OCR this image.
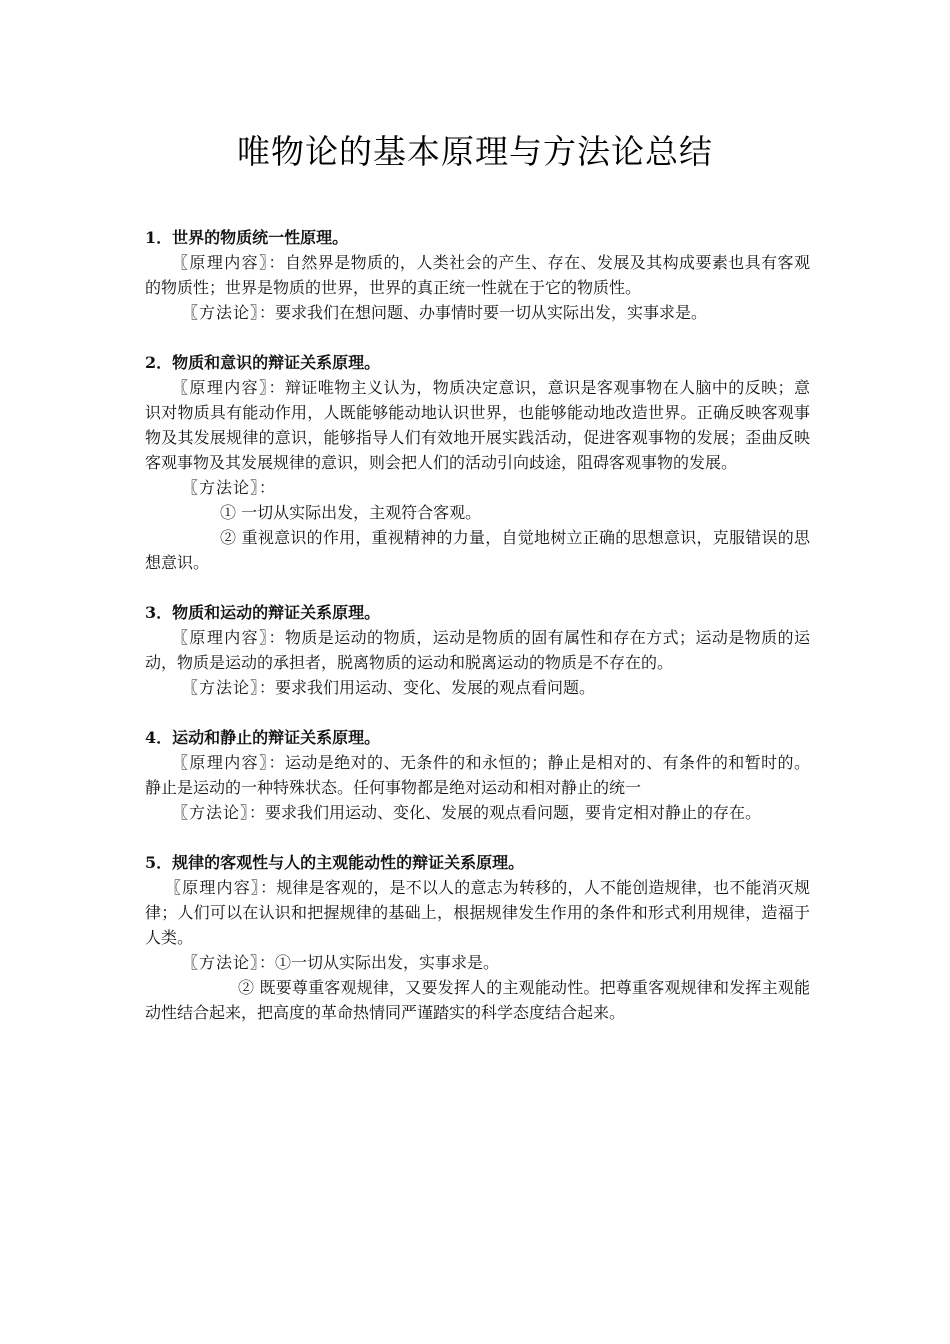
唯物论的基本原理与方法论总结
1．世界的物质统一性原理。
〖原理内容〗：自然界是物质的，人类社会的产生、存在、发展及其构成要素也具有客观的物质性；世界是物质的世界，世界的真正统一性就在于它的物质性。
〖方法论〗：要求我们在想问题、办事情时要一切从实际出发，实事求是。
2．物质和意识的辩证关系原理。
〖原理内容〗：辩证唯物主义认为，物质决定意识，意识是客观事物在人脑中的反映；意识对物质具有能动作用，人既能够能动地认识世界，也能够能动地改造世界。正确反映客观事物及其发展规律的意识，能够指导人们有效地开展实践活动，促进客观事物的发展；歪曲反映客观事物及其发展规律的意识，则会把人们的活动引向歧途，阻碍客观事物的发展。
〖方法论〗：
① 一切从实际出发，主观符合客观。
② 重视意识的作用，重视精神的力量，自觉地树立正确的思想意识，克服错误的思想意识。
3．物质和运动的辩证关系原理。
〖原理内容〗：物质是运动的物质，运动是物质的固有属性和存在方式；运动是物质的运动，物质是运动的承担者，脱离物质的运动和脱离运动的物质是不存在的。
〖方法论〗：要求我们用运动、变化、发展的观点看问题。
4．运动和静止的辩证关系原理。
〖原理内容〗：运动是绝对的、无条件的和永恒的；静止是相对的、有条件的和暂时的。静止是运动的一种特殊状态。任何事物都是绝对运动和相对静止的统一
〖方法论〗：要求我们用运动、变化、发展的观点看问题，要肯定相对静止的存在。
5．规律的客观性与人的主观能动性的辩证关系原理。
〖原理内容〗：规律是客观的，是不以人的意志为转移的，人不能创造规律，也不能消灭规律；人们可以在认识和把握规律的基础上，根据规律发生作用的条件和形式利用规律，造福于人类。
〖方法论〗：①一切从实际出发，实事求是。
② 既要尊重客观规律，又要发挥人的主观能动性。把尊重客观规律和发挥主观能动性结合起来，把高度的革命热情同严谨踏实的科学态度结合起来。
